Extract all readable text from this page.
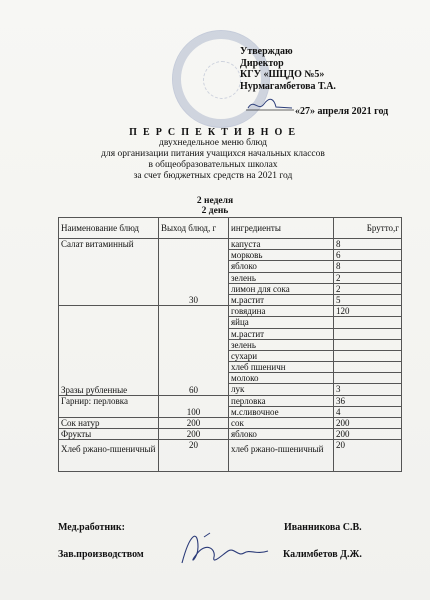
Утверждаю
Директор
КГУ «ШЦДО №5»
Нурмагамбетова Т.А.
«27» апреля 2021 год
П Е Р С П Е К Т И В Н О Е
двухнедельное меню блюд
для организации питания учащихся начальных классов
в общеобразовательных школах
за счет бюджетных средств на 2021 год
2 неделя
2 день
Наименование блюд	Выход блюд, г	ингредиенты	Брутто,г
Салат витаминный	30	капуста	8
		морковь	6
		яблоко	8
		зелень	2
		лимон для сока	2
		м.растит	5
Зразы рубленные	60	говядина	120
		яйца	
		м.растит	
		зелень	
		сухари	
		хлеб пшеничн	
		молоко	
		лук	3
Гарнир: перловка	100	перловка	36
		м.сливочное	4
Сок натур	200	сок	200
Фрукты	200	яблоко	200
Хлеб ржано-пшеничный	20	хлеб ржано-пшеничный	20
Мед.работник:	Иванникова С.В.
Зав.производством	Калимбетов Д.Ж.
